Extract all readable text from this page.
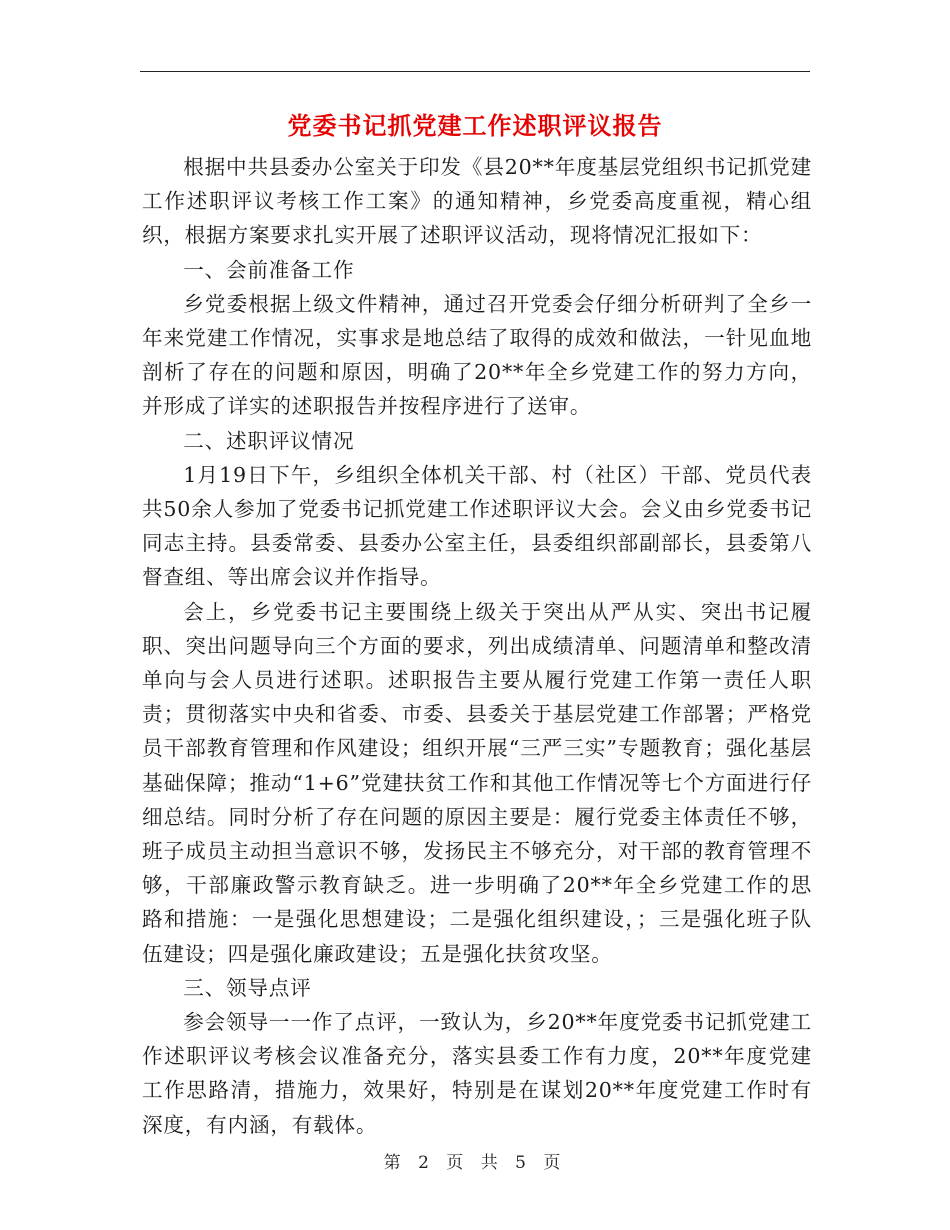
党委书记抓党建工作述职评议报告

根据中共县委办公室关于印发《县20**年度基层党组织书记抓党建工作述职评议考核工作工案》的通知精神，乡党委高度重视，精心组织，根据方案要求扎实开展了述职评议活动，现将情况汇报如下：

一、会前准备工作

乡党委根据上级文件精神，通过召开党委会仔细分析研判了全乡一年来党建工作情况，实事求是地总结了取得的成效和做法，一针见血地剖析了存在的问题和原因，明确了20**年全乡党建工作的努力方向，并形成了详实的述职报告并按程序进行了送审。

二、述职评议情况

1月19日下午，乡组织全体机关干部、村（社区）干部、党员代表共50余人参加了党委书记抓党建工作述职评议大会。会义由乡党委书记同志主持。县委常委、县委办公室主任，县委组织部副部长，县委第八督查组、等出席会议并作指导。

会上，乡党委书记主要围绕上级关于突出从严从实、突出书记履职、突出问题导向三个方面的要求，列出成绩清单、问题清单和整改清单向与会人员进行述职。述职报告主要从履行党建工作第一责任人职责；贯彻落实中央和省委、市委、县委关于基层党建工作部署；严格党员干部教育管理和作风建设；组织开展“三严三实”专题教育；强化基层基础保障；推动“1+6”党建扶贫工作和其他工作情况等七个方面进行仔细总结。同时分析了存在问题的原因主要是：履行党委主体责任不够，班子成员主动担当意识不够，发扬民主不够充分，对干部的教育管理不够，干部廉政警示教育缺乏。进一步明确了20**年全乡党建工作的思路和措施：一是强化思想建设；二是强化组织建设，；三是强化班子队伍建设；四是强化廉政建设；五是强化扶贫攻坚。

三、领导点评

参会领导一一作了点评，一致认为，乡20**年度党委书记抓党建工作述职评议考核会议准备充分，落实县委工作有力度，20**年度党建工作思路清，措施力，效果好，特别是在谋划20**年度党建工作时有深度，有内涵，有载体。

第 2 页 共 5 页
